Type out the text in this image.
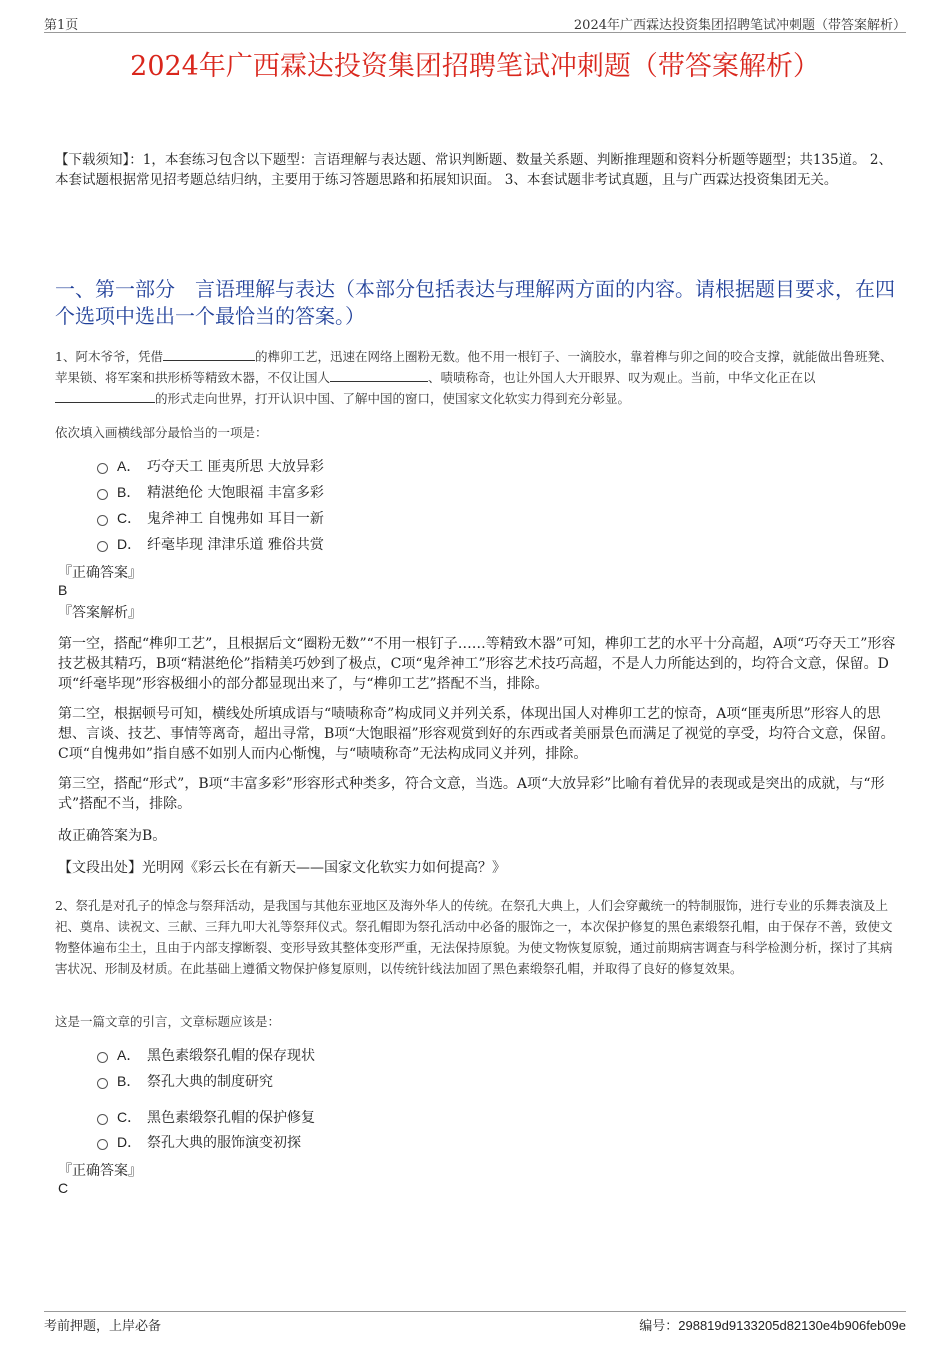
第1页	2024年广西霖达投资集团招聘笔试冲刺题（带答案解析）
2024年广西霖达投资集团招聘笔试冲刺题（带答案解析）
【下载须知】：1，本套练习包含以下题型：言语理解与表达题、常识判断题、数量关系题、判断推理题和资料分析题等题型；共135道。 2、本套试题根据常见招考题总结归纳，主要用于练习答题思路和拓展知识面。 3、本套试题非考试真题，且与广西霖达投资集团无关。
一、第一部分　言语理解与表达（本部分包括表达与理解两方面的内容。请根据题目要求，在四个选项中选出一个最恰当的答案。）
1、阿木爷爷，凭借	的榫卯工艺，迅速在网络上圈粉无数。他不用一根钉子、一滴胶水，靠着榫与卯之间的咬合支撑，就能做出鲁班凳、苹果锁、将军案和拱形桥等精致木器，不仅让国人	、啧啧称奇，也让外国人大开眼界、叹为观止。当前，中华文化正在以的形式走向世界，打开认识中国、了解中国的窗口，使国家文化软实力得到充分彰显。
依次填入画横线部分最恰当的一项是：
A． 巧夺天工 匪夷所思 大放异彩
B． 精湛绝伦 大饱眼福 丰富多彩
C． 鬼斧神工 自愧弗如 耳目一新
D． 纤毫毕现 津津乐道 雅俗共赏
『正确答案』
B
『答案解析』
第一空，搭配“榫卯工艺”，且根据后文“圈粉无数”“不用一根钉子……等精致木器”可知，榫卯工艺的水平十分高超，A项“巧夺天工”形容技艺极其精巧，B项“精湛绝伦”指精美巧妙到了极点，C项“鬼斧神工”形容艺术技巧高超，不是人力所能达到的，均符合文意，保留。D项“纤毫毕现”形容极细小的部分都显现出来了，与“榫卯工艺”搭配不当，排除。
第二空，根据顿号可知，横线处所填成语与“啧啧称奇”构成同义并列关系，体现出国人对榫卯工艺的惊奇，A项“匪夷所思”形容人的思想、言谈、技艺、事情等离奇，超出寻常，B项“大饱眼福”形容观赏到好的东西或者美丽景色而满足了视觉的享受，均符合文意，保留。C项“自愧弗如”指自感不如别人而内心惭愧，与“啧啧称奇”无法构成同义并列，排除。
第三空，搭配“形式”，B项“丰富多彩”形容形式种类多，符合文意，当选。A项“大放异彩”比喻有着优异的表现或是突出的成就，与“形式”搭配不当，排除。
故正确答案为B。
【文段出处】光明网《彩云长在有新天——国家文化软实力如何提高？》
2、祭孔是对孔子的悼念与祭拜活动，是我国与其他东亚地区及海外华人的传统。在祭孔大典上，人们会穿戴统一的特制服饰，进行专业的乐舞表演及上祀、奠帛、读祝文、三献、三拜九叩大礼等祭拜仪式。祭孔帽即为祭孔活动中必备的服饰之一，本次保护修复的黑色素缎祭孔帽，由于保存不善，致使文物整体遍布尘土，且由于内部支撑断裂、变形导致其整体变形严重，无法保持原貌。为使文物恢复原貌，通过前期病害调查与科学检测分析，探讨了其病害状况、形制及材质。在此基础上遵循文物保护修复原则，以传统针线法加固了黑色素缎祭孔帽，并取得了良好的修复效果。
这是一篇文章的引言，文章标题应该是：
A． 黑色素缎祭孔帽的保存现状
B． 祭孔大典的制度研究
C． 黑色素缎祭孔帽的保护修复
D． 祭孔大典的服饰演变初探
『正确答案』
C
考前押题，上岸必备	编号：298819d9133205d82130e4b906feb09e
